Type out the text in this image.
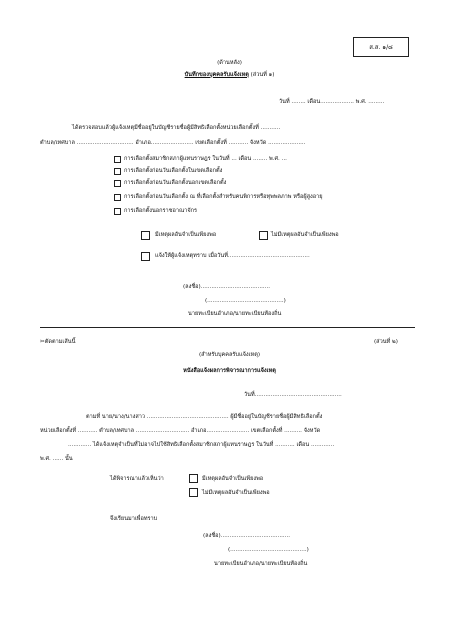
ส.ส. ๑/๘
(ด้านหลัง)
บันทึกของบุคคลรับแจ้งเหตุ (ส่วนที่ ๑)
วันที่ ........ เดือน................... พ.ศ. .........
ได้ตรวจสอบแล้วผู้แจ้งเหตุมีชื่ออยู่ในบัญชีรายชื่อผู้มีสิทธิเลือกตั้งหน่วยเลือกตั้งที่ ...........
ตำบล/เทศบาล ................................ อำเภอ........................ เขตเลือกตั้งที่ ........... จังหวัด .....................
การเลือกตั้งสมาชิกสภาผู้แทนราษฎร ในวันที่ ... เดือน ........ พ.ศ. ...
การเลือกตั้งก่อนวันเลือกตั้งในเขตเลือกตั้ง
การเลือกตั้งก่อนวันเลือกตั้งนอกเขตเลือกตั้ง
การเลือกตั้งก่อนวันเลือกตั้ง ณ ที่เลือกตั้งสำหรับคนพิการหรือทุพพลภาพ หรือผู้สูงอายุ
การเลือกตั้งนอกราชอาณาจักร
มีเหตุผลอันจำเป็นเพียงพอ	ไม่มีเหตุผลอันจำเป็นเพียงพอ
แจ้งให้ผู้แจ้งเหตุทราบ เมื่อวันที่..............................................
(ลงชื่อ).......................................
(...........................................)
นายทะเบียนอำเภอ/นายทะเบียนท้องถิ่น
✂ตัดตามเส้นนี้	(ส่วนที่ ๒)
(สำหรับบุคคลรับแจ้งเหตุ)
หนังสือแจ้งผลการพิจารณาการแจ้งเหตุ
วันที่.................................................
ตามที่ นาย/นาง/นางสาว .............................................. ผู้มีชื่ออยู่ในบัญชีรายชื่อผู้มีสิทธิเลือกตั้ง
หน่วยเลือกตั้งที่ ........... ตำบล/เทศบาล .............................. อำเภอ........................ เขตเลือกตั้งที่ .......... จังหวัด
............. ได้แจ้งเหตุจำเป็นที่ไม่อาจไปใช้สิทธิเลือกตั้งสมาชิกสภาผู้แทนราษฎร ในวันที่ ........... เดือน .............
พ.ศ. ...... นั้น
ได้พิจารณาแล้วเห็นว่า	มีเหตุผลอันจำเป็นเพียงพอ
ไม่มีเหตุผลอันจำเป็นเพียงพอ
จึงเรียนมาเพื่อทราบ
(ลงชื่อ).......................................
(...........................................)
นายทะเบียนอำเภอ/นายทะเบียนท้องถิ่น
